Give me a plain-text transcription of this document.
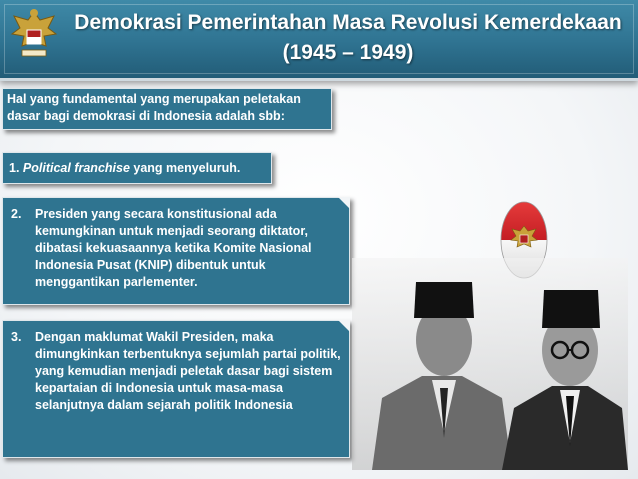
Demokrasi Pemerintahan Masa Revolusi Kemerdekaan
(1945 – 1949)
Hal yang fundamental yang merupakan peletakan
dasar bagi demokrasi di Indonesia adalah sbb:
1. Political franchise yang menyeluruh.
2.	Presiden yang secara konstitusional ada kemungkinan untuk menjadi seorang diktator, dibatasi kekuasaannya ketika Komite Nasional Indonesia Pusat (KNIP) dibentuk untuk menggantikan parlementer.
3.	Dengan maklumat Wakil Presiden, maka dimungkinkan terbentuknya sejumlah partai politik, yang kemudian menjadi peletak dasar bagi sistem kepartaian di Indonesia untuk masa-masa selanjutnya dalam sejarah politik Indonesia
